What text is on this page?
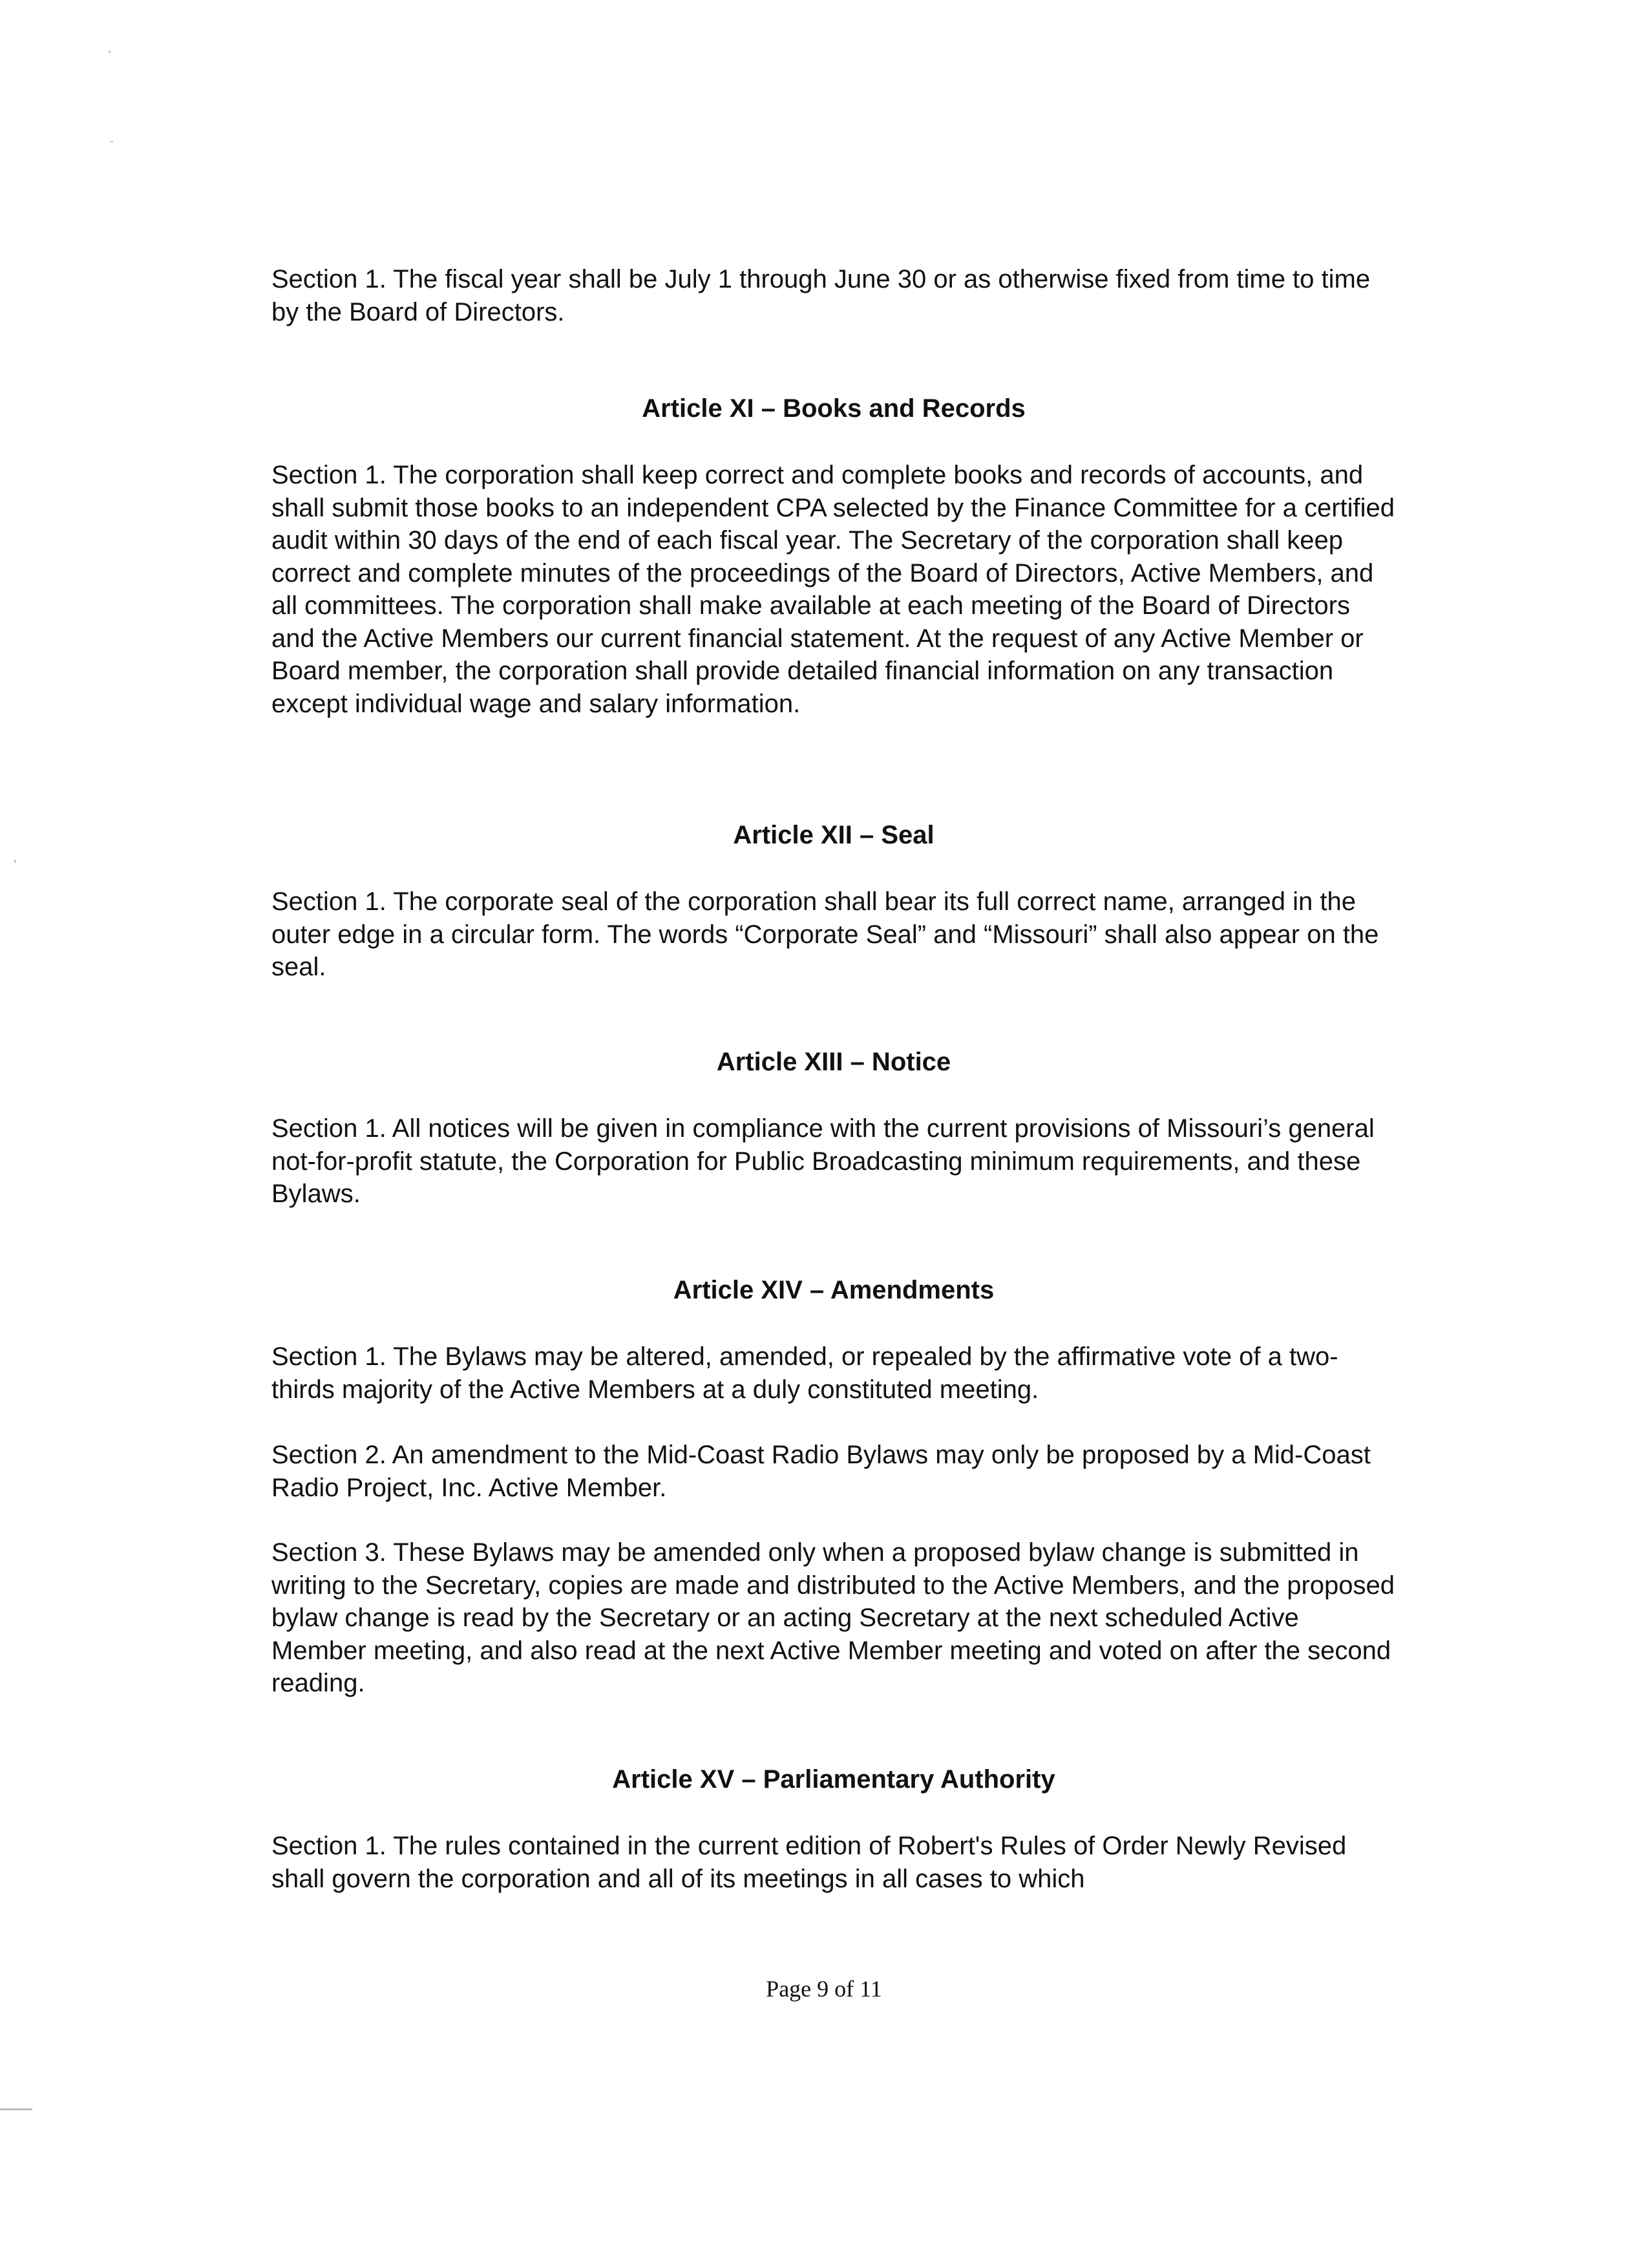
Section 1. The fiscal year shall be July 1 through June 30 or as otherwise fixed from time to time by the Board of Directors.

Article XI – Books and Records

Section 1. The corporation shall keep correct and complete books and records of accounts, and shall submit those books to an independent CPA selected by the Finance Committee for a certified audit within 30 days of the end of each fiscal year. The Secretary of the corporation shall keep correct and complete minutes of the proceedings of the Board of Directors, Active Members, and all committees. The corporation shall make available at each meeting of the Board of Directors and the Active Members our current financial statement. At the request of any Active Member or Board member, the corporation shall provide detailed financial information on any transaction except individual wage and salary information.

Article XII – Seal

Section 1. The corporate seal of the corporation shall bear its full correct name, arranged in the outer edge in a circular form. The words “Corporate Seal” and “Missouri” shall also appear on the seal.

Article XIII – Notice

Section 1. All notices will be given in compliance with the current provisions of Missouri’s general not-for-profit statute, the Corporation for Public Broadcasting minimum requirements, and these Bylaws.

Article XIV – Amendments

Section 1. The Bylaws may be altered, amended, or repealed by the affirmative vote of a two-thirds majority of the Active Members at a duly constituted meeting.

Section 2. An amendment to the Mid-Coast Radio Bylaws may only be proposed by a Mid-Coast Radio Project, Inc. Active Member.

Section 3. These Bylaws may be amended only when a proposed bylaw change is submitted in writing to the Secretary, copies are made and distributed to the Active Members, and the proposed bylaw change is read by the Secretary or an acting Secretary at the next scheduled Active Member meeting, and also read at the next Active Member meeting and voted on after the second reading.

Article XV – Parliamentary Authority

Section 1. The rules contained in the current edition of Robert's Rules of Order Newly Revised shall govern the corporation and all of its meetings in all cases to which

Page 9 of 11
